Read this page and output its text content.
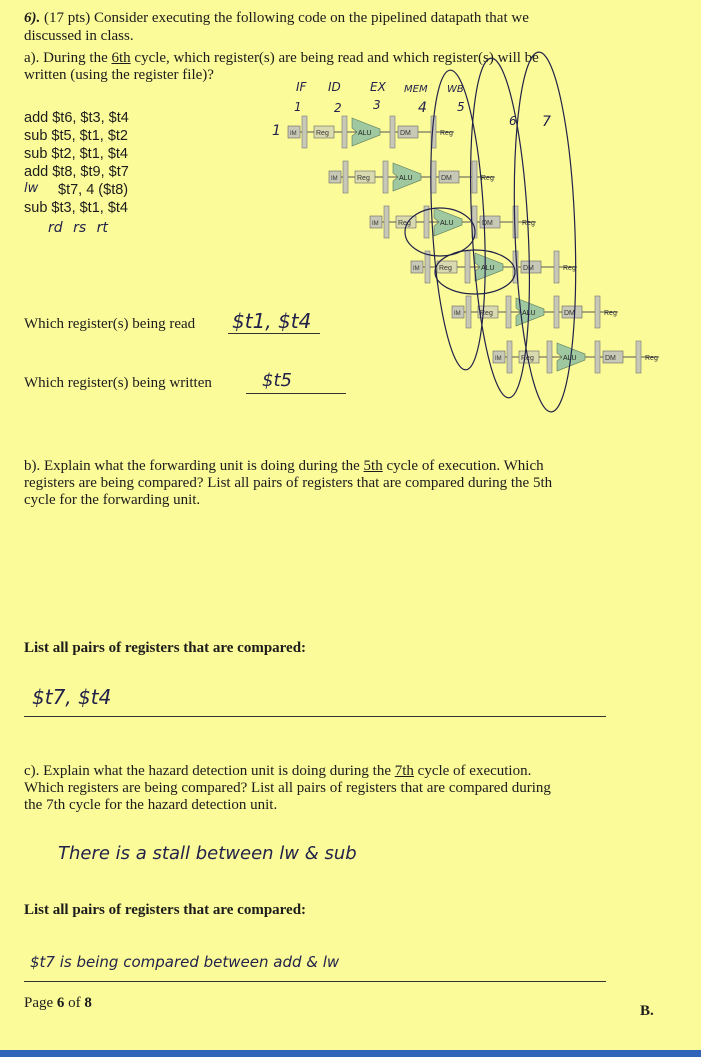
6). (17 pts) Consider executing the following code on the pipelined datapath that we
discussed in class.
a). During the 6th cycle, which register(s) are being read and which register(s) will be
written (using the register file)?
add $t6, $t3, $t4
sub $t5, $t1, $t2
sub $t2, $t1, $t4
add $t8, $t9, $t7
lw $t7, 4 ($t8)
sub $t3, $t1, $t4
rd rs rt
IF ID EX MEM WB
1	2	3	4	5
6 7
1 IM	Reg	ALU	DM	Reg
IM	Reg	ALU	DM	Reg
IM	Reg	ALU	DM	Reg
IM	Reg	ALU	DM	Reg
IM	Reg	ALU	DM	Reg
IM	Reg	ALU	DM	Reg
Which register(s) being read $t1, $t4
Which register(s) being written	$t5
b). Explain what the forwarding unit is doing during the 5th cycle of execution. Which
registers are being compared? List all pairs of registers that are compared during the 5th
cycle for the forwarding unit.
List all pairs of registers that are compared:
$t7, $t4
c). Explain what the hazard detection unit is doing during the 7th cycle of execution.
Which registers are being compared? List all pairs of registers that are compared during
the 7th cycle for the hazard detection unit.
There is a stall between lw & sub
List all pairs of registers that are compared:
$t7 is being compared between add & lw
Page 6 of 8	B.
